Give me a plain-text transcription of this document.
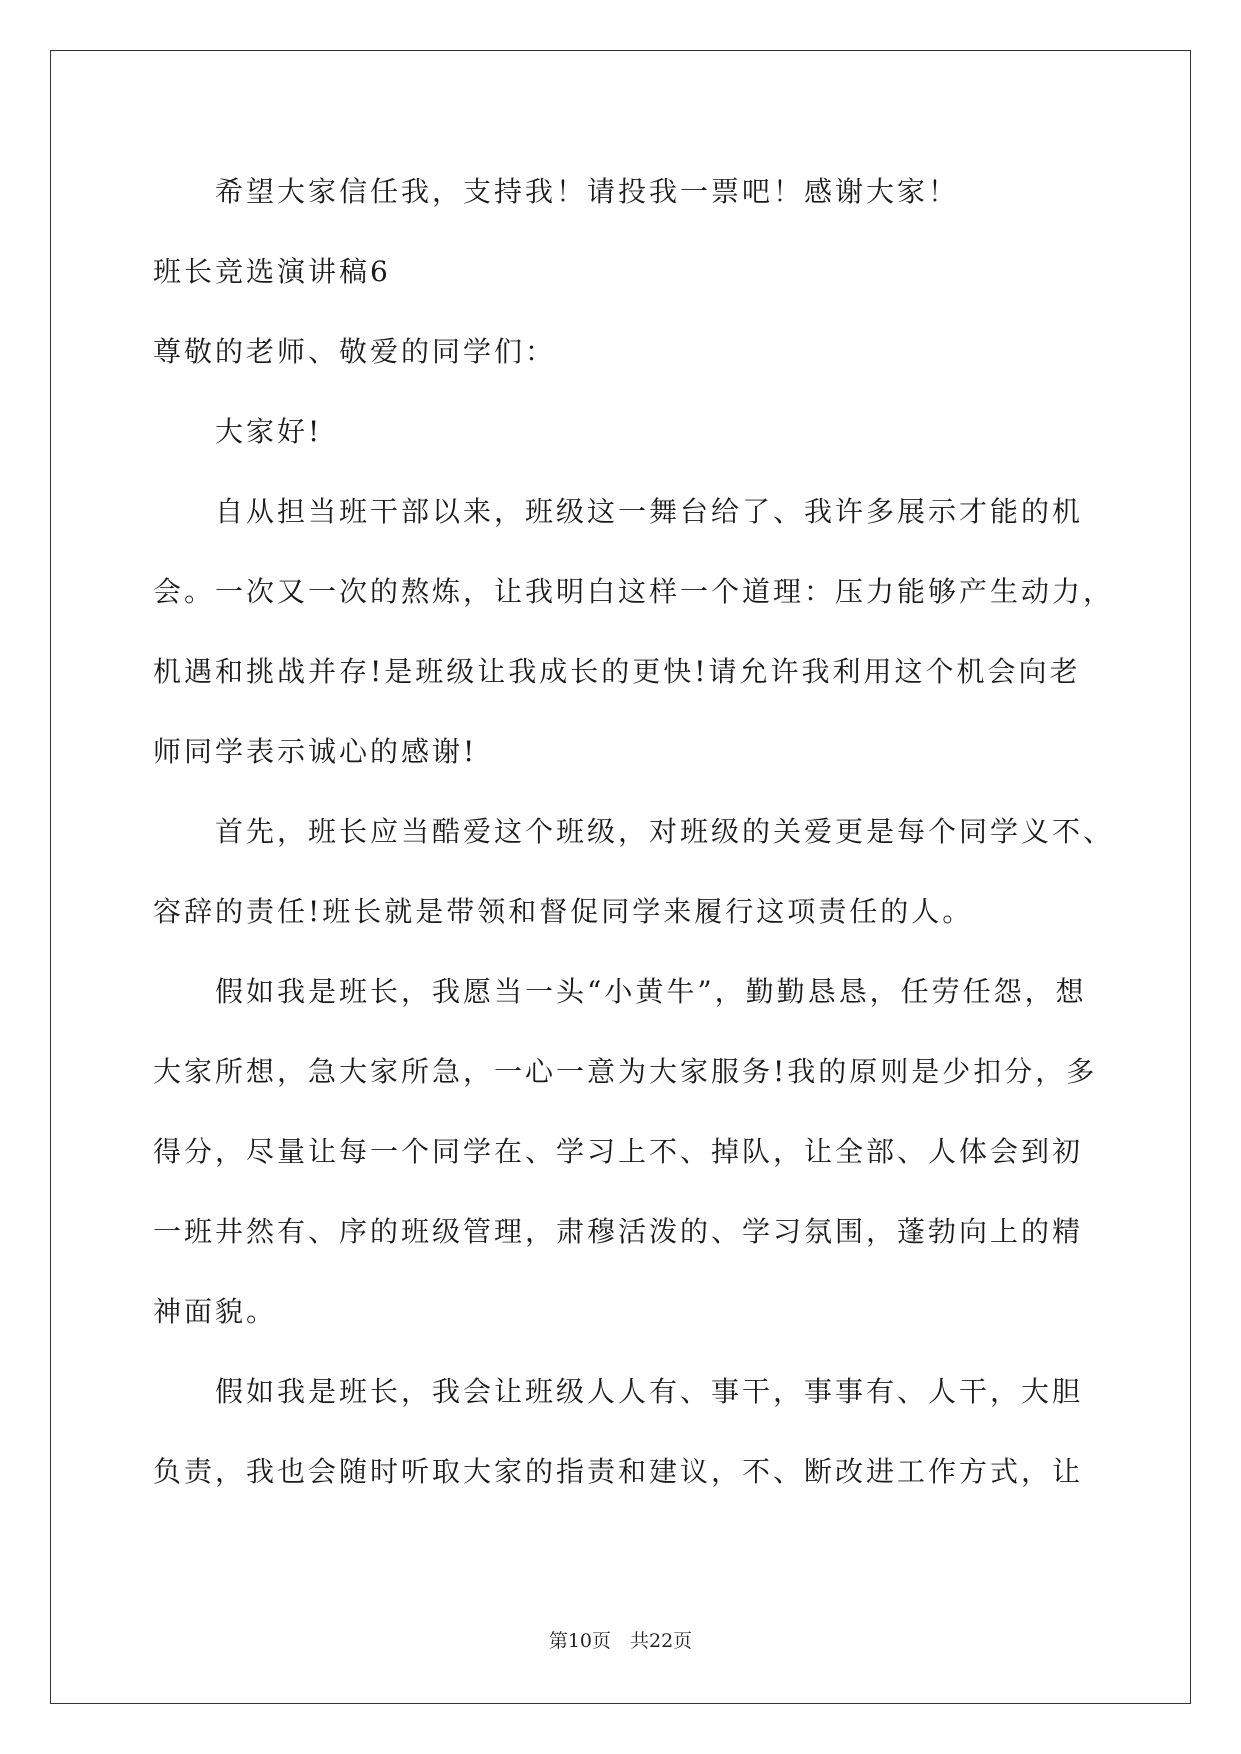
希望大家信任我，支持我！请投我一票吧！感谢大家！
班长竞选演讲稿6
尊敬的老师、敬爱的同学们：
大家好!
自从担当班干部以来，班级这一舞台给了、我许多展示才能的机
会。一次又一次的熬炼，让我明白这样一个道理：压力能够产生动力，
机遇和挑战并存!是班级让我成长的更快!请允许我利用这个机会向老
师同学表示诚心的感谢!
首先，班长应当酷爱这个班级，对班级的关爱更是每个同学义不、
容辞的责任!班长就是带领和督促同学来履行这项责任的人。
假如我是班长，我愿当一头“小黄牛”，勤勤恳恳，任劳任怨，想
大家所想，急大家所急，一心一意为大家服务!我的原则是少扣分，多
得分，尽量让每一个同学在、学习上不、掉队，让全部、人体会到初
一班井然有、序的班级管理，肃穆活泼的、学习氛围，蓬勃向上的精
神面貌。
假如我是班长，我会让班级人人有、事干，事事有、人干，大胆
负责，我也会随时听取大家的指责和建议，不、断改进工作方式，让
第10页　共22页
